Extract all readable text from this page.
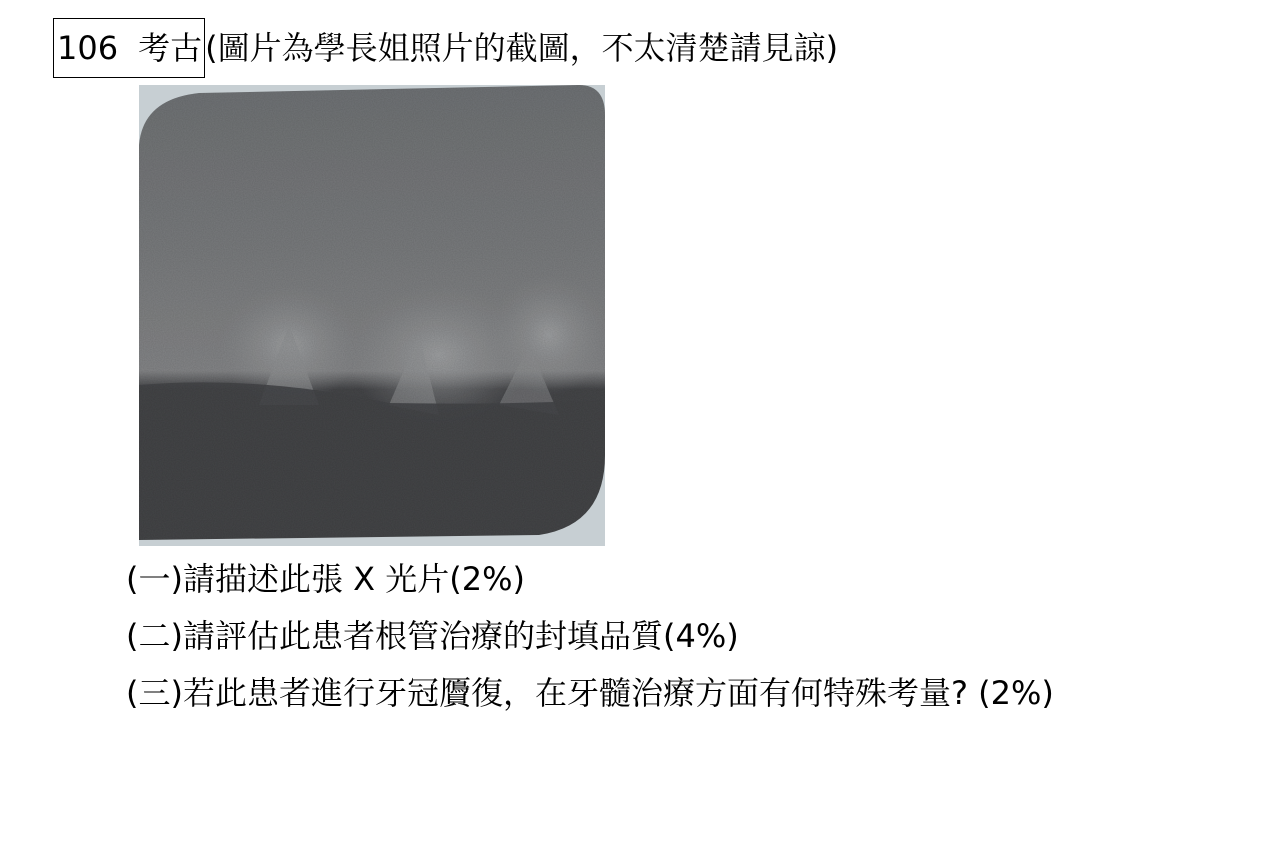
106 考古 (圖片為學長姐照片的截圖，不太清楚請見諒)
(一)請描述此張 X 光片(2%)
(二)請評估此患者根管治療的封填品質(4%)
(三)若此患者進行牙冠贗復，在牙髓治療方面有何特殊考量? (2%)
